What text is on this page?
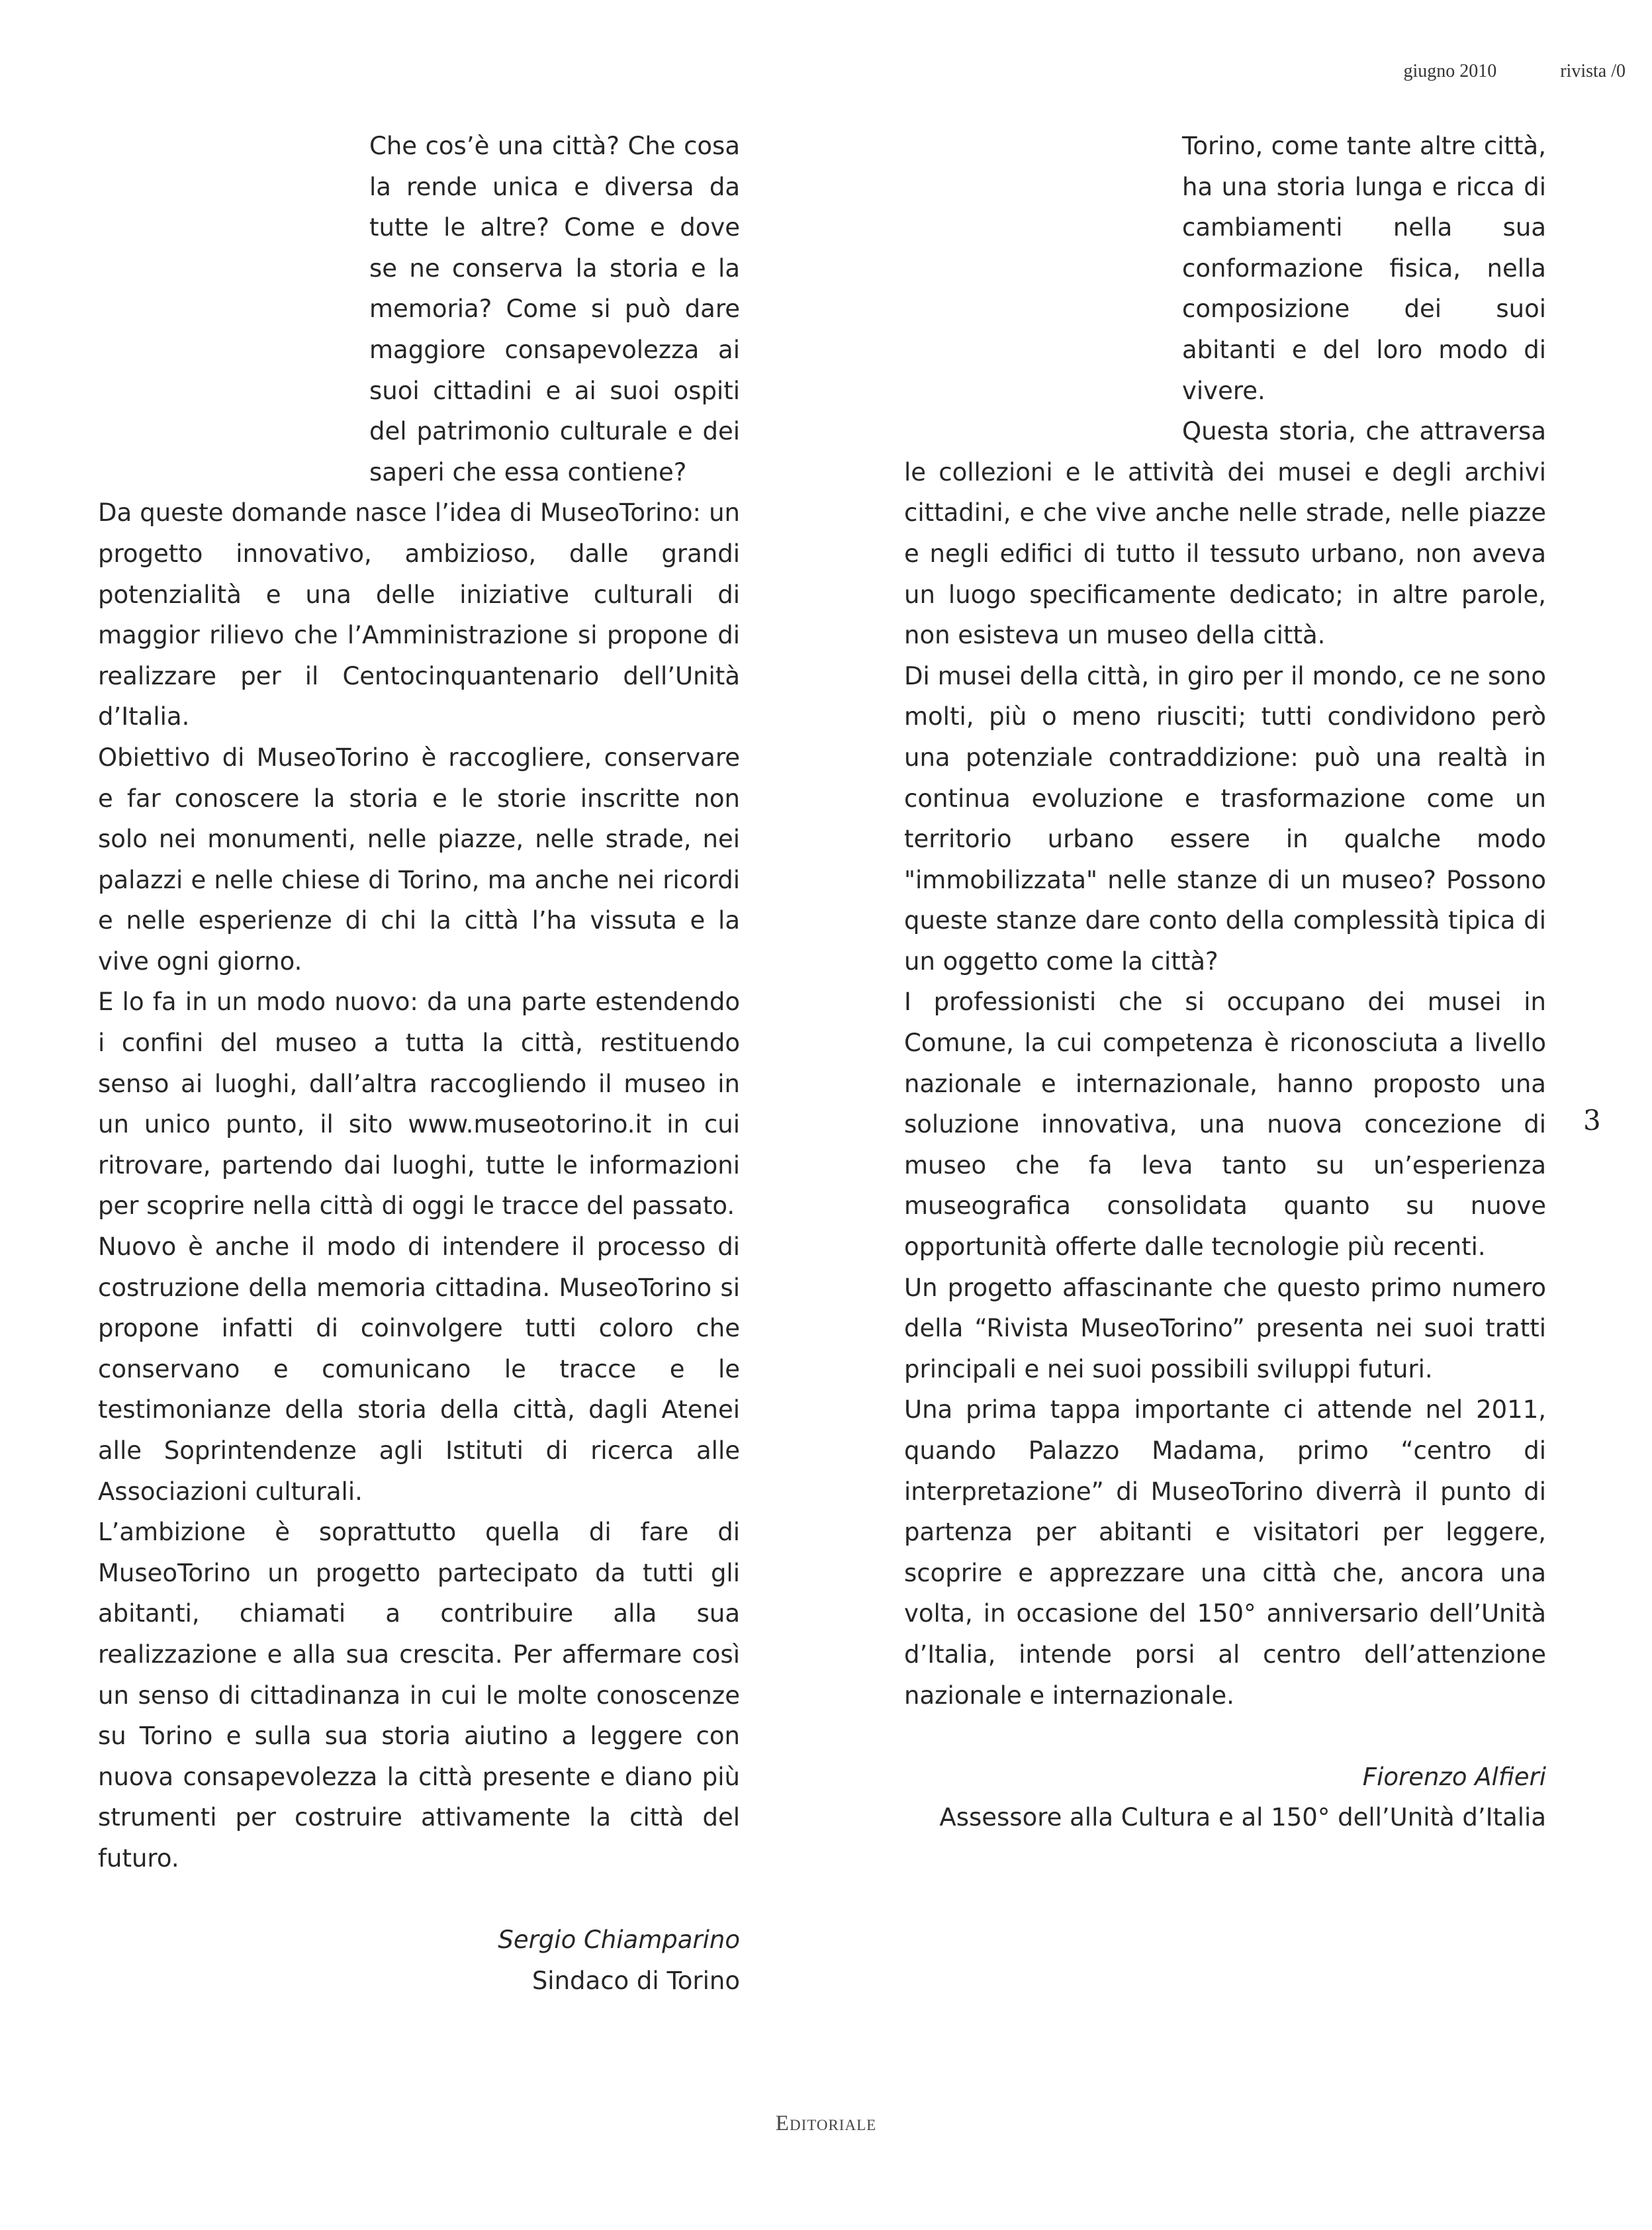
giugno 2010	rivista /0

Che cos’è una città? Che cosa la rende unica e diversa da tutte le altre? Come e dove se ne conserva la storia e la memoria? Come si può dare maggiore consapevolezza ai suoi cittadini e ai suoi ospiti del patrimonio culturale e dei saperi che essa contiene?

Da queste domande nasce l’idea di MuseoTorino: un progetto innovativo, ambizioso, dalle grandi potenzialità e una delle iniziative culturali di maggior rilievo che l’Amministrazione si propone di realizzare per il Centocinquantenario dell’Unità d’Italia.

Obiettivo di MuseoTorino è raccogliere, conservare e far conoscere la storia e le storie inscritte non solo nei monumenti, nelle piazze, nelle strade, nei palazzi e nelle chiese di Torino, ma anche nei ricordi e nelle esperienze di chi la città l’ha vissuta e la vive ogni giorno.

E lo fa in un modo nuovo: da una parte estendendo i confini del museo a tutta la città, restituendo senso ai luoghi, dall’altra raccogliendo il museo in un unico punto, il sito www.museotorino.it in cui ritrovare, partendo dai luoghi, tutte le informazioni per scoprire nella città di oggi le tracce del passato.

Nuovo è anche il modo di intendere il processo di costruzione della memoria cittadina. MuseoTorino si propone infatti di coinvolgere tutti coloro che conservano e comunicano le tracce e le testimonianze della storia della città, dagli Atenei alle Soprintendenze agli Istituti di ricerca alle Associazioni culturali.

L’ambizione è soprattutto quella di fare di MuseoTorino un progetto partecipato da tutti gli abitanti, chiamati a contribuire alla sua realizzazione e alla sua crescita. Per affermare così un senso di cittadinanza in cui le molte conoscenze su Torino e sulla sua storia aiutino a leggere con nuova consapevolezza la città presente e diano più strumenti per costruire attivamente la città del futuro.

Sergio Chiamparino

Sindaco di Torino

Torino, come tante altre città, ha una storia lunga e ricca di cambiamenti nella sua conformazione fisica, nella composizione dei suoi abitanti e del loro modo di vivere.

Questa storia, che attraversa le collezioni e le attività dei musei e degli archivi cittadini, e che vive anche nelle strade, nelle piazze e negli edifici di tutto il tessuto urbano, non aveva un luogo specificamente dedicato; in altre parole, non esisteva un museo della città.

Di musei della città, in giro per il mondo, ce ne sono molti, più o meno riusciti; tutti condividono però una potenziale contraddizione: può una realtà in continua evoluzione e trasformazione come un territorio urbano essere in qualche modo "immobilizzata" nelle stanze di un museo? Possono queste stanze dare conto della complessità tipica di un oggetto come la città?

I professionisti che si occupano dei musei in Comune, la cui competenza è riconosciuta a livello nazionale e internazionale, hanno proposto una soluzione innovativa, una nuova concezione di museo che fa leva tanto su un’esperienza museografica consolidata quanto su nuove opportunità offerte dalle tecnologie più recenti.

Un progetto affascinante che questo primo numero della “Rivista MuseoTorino” presenta nei suoi tratti principali e nei suoi possibili sviluppi futuri.

Una prima tappa importante ci attende nel 2011, quando Palazzo Madama, primo “centro di interpretazione” di MuseoTorino diverrà il punto di partenza per abitanti e visitatori per leggere, scoprire e apprezzare una città che, ancora una volta, in occasione del 150° anniversario dell’Unità d’Italia, intende porsi al centro dell’attenzione nazionale e internazionale.

Fiorenzo Alfieri

Assessore alla Cultura e al 150° dell’Unità d’Italia

3
Editoriale
